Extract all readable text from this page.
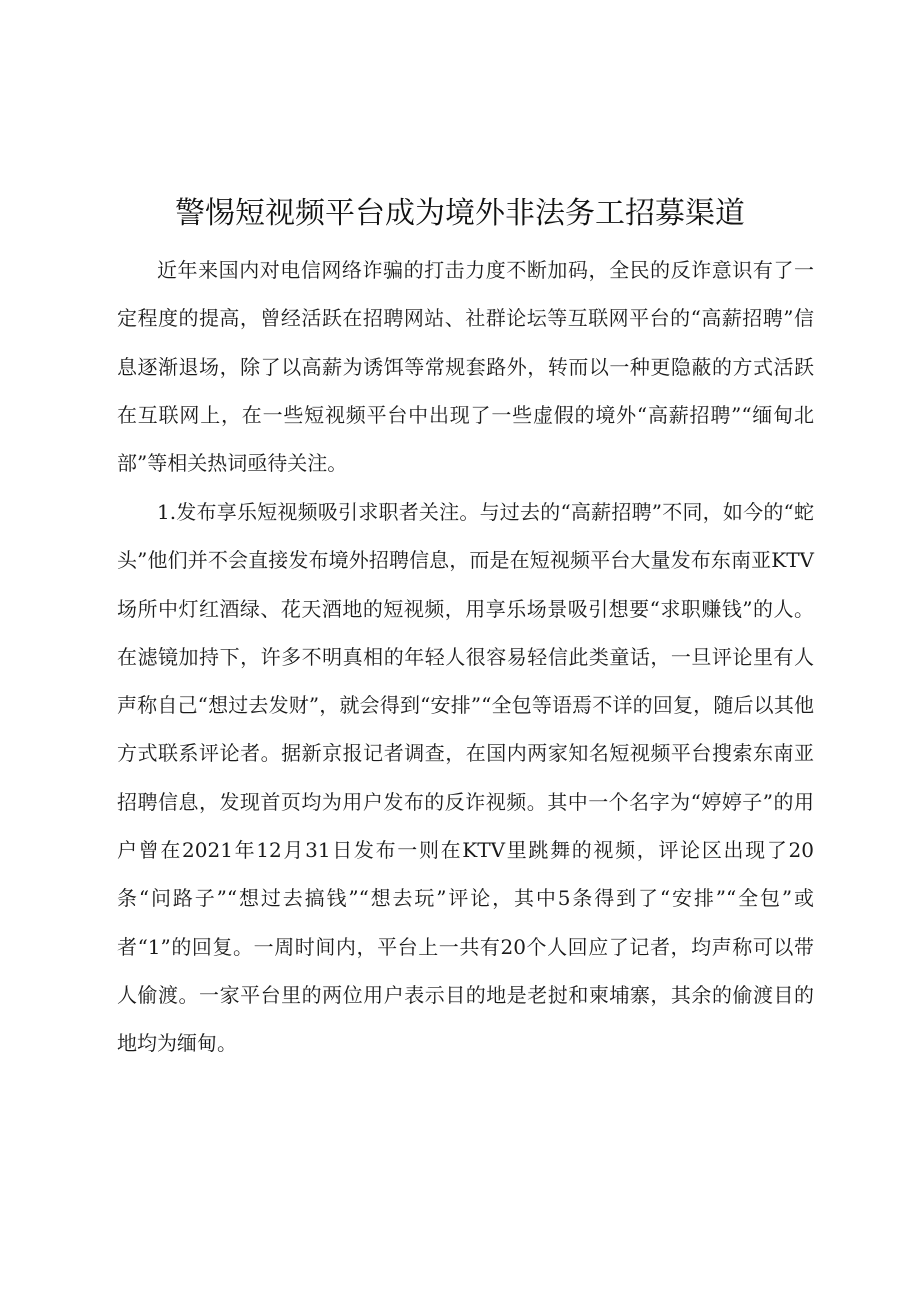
警惕短视频平台成为境外非法务工招募渠道

近年来国内对电信网络诈骗的打击力度不断加码，全民的反诈意识有了一定程度的提高，曾经活跃在招聘网站、社群论坛等互联网平台的“高薪招聘”信息逐渐退场，除了以高薪为诱饵等常规套路外，转而以一种更隐蔽的方式活跃在互联网上，在一些短视频平台中出现了一些虚假的境外“高薪招聘”“缅甸北部”等相关热词亟待关注。

1.发布享乐短视频吸引求职者关注。与过去的“高薪招聘”不同，如今的“蛇头”他们并不会直接发布境外招聘信息，而是在短视频平台大量发布东南亚KTV场所中灯红酒绿、花天酒地的短视频，用享乐场景吸引想要“求职赚钱”的人。在滤镜加持下，许多不明真相的年轻人很容易轻信此类童话，一旦评论里有人声称自己“想过去发财”，就会得到“安排”“全包等语焉不详的回复，随后以其他方式联系评论者。据新京报记者调查，在国内两家知名短视频平台搜索东南亚招聘信息，发现首页均为用户发布的反诈视频。其中一个名字为“婷婷子”的用户曾在2021年12月31日发布一则在KTV里跳舞的视频，评论区出现了20条“问路子”“想过去搞钱”“想去玩”评论，其中5条得到了“安排”“全包”或者“1”的回复。一周时间内，平台上一共有20个人回应了记者，均声称可以带人偷渡。一家平台里的两位用户表示目的地是老挝和柬埔寨，其余的偷渡目的地均为缅甸。
